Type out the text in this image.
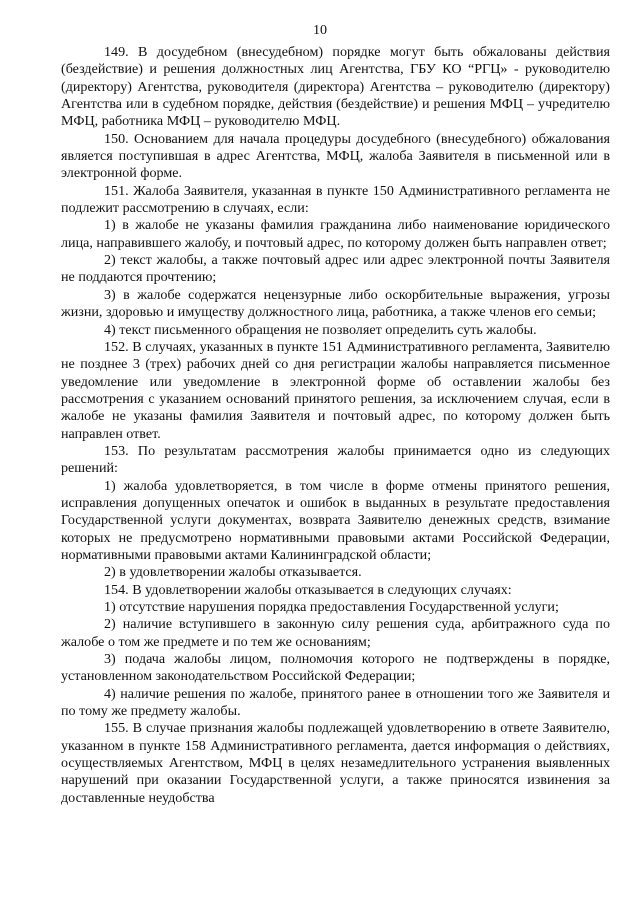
10

149. В досудебном (внесудебном) порядке могут быть обжалованы действия (бездействие) и решения должностных лиц Агентства, ГБУ КО “РГЦ» - руководителю (директору) Агентства, руководителя (директора) Агентства – руководителю (директору) Агентства или в судебном порядке, действия (бездействие) и решения МФЦ – учредителю МФЦ, работника МФЦ – руководителю МФЦ.

150. Основанием для начала процедуры досудебного (внесудебного) обжалования является поступившая в адрес Агентства, МФЦ, жалоба Заявителя в письменной или в электронной форме.

151. Жалоба Заявителя, указанная в пункте 150 Административного регламента не подлежит рассмотрению в случаях, если:

1) в жалобе не указаны фамилия гражданина либо наименование юридического лица, направившего жалобу, и почтовый адрес, по которому должен быть направлен ответ;

2) текст жалобы, а также почтовый адрес или адрес электронной почты Заявителя не поддаются прочтению;

3) в жалобе содержатся нецензурные либо оскорбительные выражения, угрозы жизни, здоровью и имуществу должностного лица, работника, а также членов его семьи;

4) текст письменного обращения не позволяет определить суть жалобы.

152. В случаях, указанных в пункте 151 Административного регламента, Заявителю не позднее 3 (трех) рабочих дней со дня регистрации жалобы направляется письменное уведомление или уведомление в электронной форме об оставлении жалобы без рассмотрения с указанием оснований принятого решения, за исключением случая, если в жалобе не указаны фамилия Заявителя и почтовый адрес, по которому должен быть направлен ответ.

153. По результатам рассмотрения жалобы принимается одно из следующих решений:

1) жалоба удовлетворяется, в том числе в форме отмены принятого решения, исправления допущенных опечаток и ошибок в выданных в результате предоставления Государственной услуги документах, возврата Заявителю денежных средств, взимание которых не предусмотрено нормативными правовыми актами Российской Федерации, нормативными правовыми актами Калининградской области;

2) в удовлетворении жалобы отказывается.

154. В удовлетворении жалобы отказывается в следующих случаях:

1) отсутствие нарушения порядка предоставления Государственной услуги;

2) наличие вступившего в законную силу решения суда, арбитражного суда по жалобе о том же предмете и по тем же основаниям;

3) подача жалобы лицом, полномочия которого не подтверждены в порядке, установленном законодательством Российской Федерации;

4) наличие решения по жалобе, принятого ранее в отношении того же Заявителя и по тому же предмету жалобы.

155. В случае признания жалобы подлежащей удовлетворению в ответе Заявителю, указанном в пункте 158 Административного регламента, дается информация о действиях, осуществляемых Агентством, МФЦ в целях незамедлительного устранения выявленных нарушений при оказании Государственной услуги, а также приносятся извинения за доставленные неудобства
